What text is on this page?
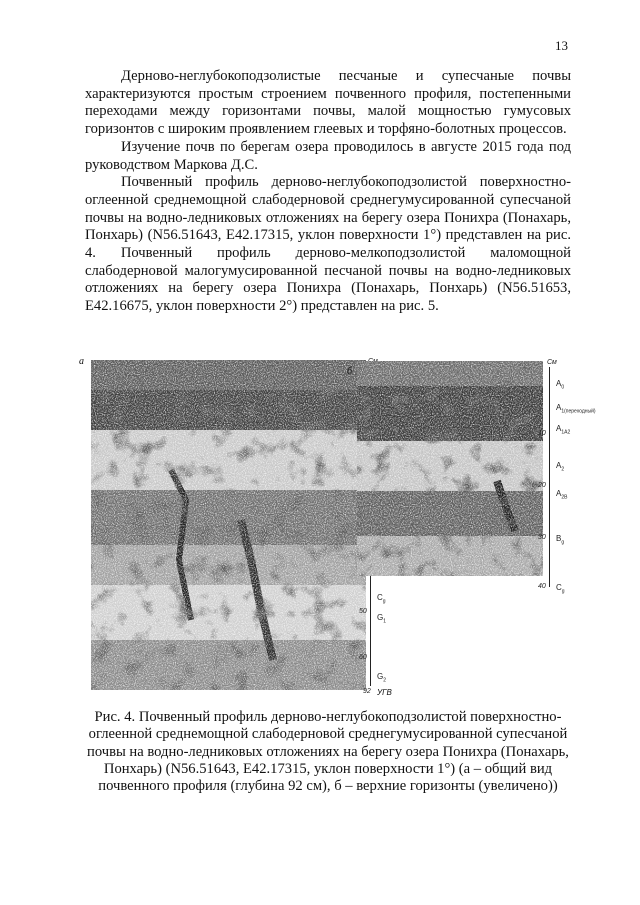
13

Дерново-неглубокоподзолистые песчаные и супесчаные почвы характеризуются простым строением почвенного профиля, постепенными переходами между горизонтами почвы, малой мощностью гумусовых горизонтов с широким проявлением глеевых и торфяно-болотных процессов.

Изучение почв по берегам озера проводилось в августе 2015 года под руководством Маркова Д.С.

Почвенный профиль дерново-неглубокоподзолистой поверхностно-оглеенной среднемощной слабодерновой среднегумусированной супесчаной почвы на водно-ледниковых отложениях на берегу озера Понихра (Понахарь, Понхарь) (N56.51643, E42.17315, уклон поверхности 1°) представлен на рис. 4. Почвенный профиль дерново-мелкоподзолистой маломощной слабодерновой малогумусированной песчаной почвы на водно-ледниковых отложениях на берегу озера Понихра (Понахарь, Понхарь) (N56.51653, E42.16675, уклон поверхности 2°) представлен на рис. 5.

а
50
60
92
$C_g$
$G_1$
$G_2$
УГВ
б
См
10
20
30
40
$A_0$
$A_{1(переходный)}$
$A_{1A2}$
$A_2$
$A_{2B}$
$B_g$
$C_g$
Рис. 4. Почвенный профиль дерново-неглубокоподзолистой поверхностно-оглеенной среднемощной слабодерновой среднегумусированной супесчаной почвы на водно-ледниковых отложениях на берегу озера Понихра (Понахарь, Понхарь) (N56.51643, E42.17315, уклон поверхности 1°) (а – общий вид почвенного профиля (глубина 92 см), б – верхние горизонты (увеличено))
